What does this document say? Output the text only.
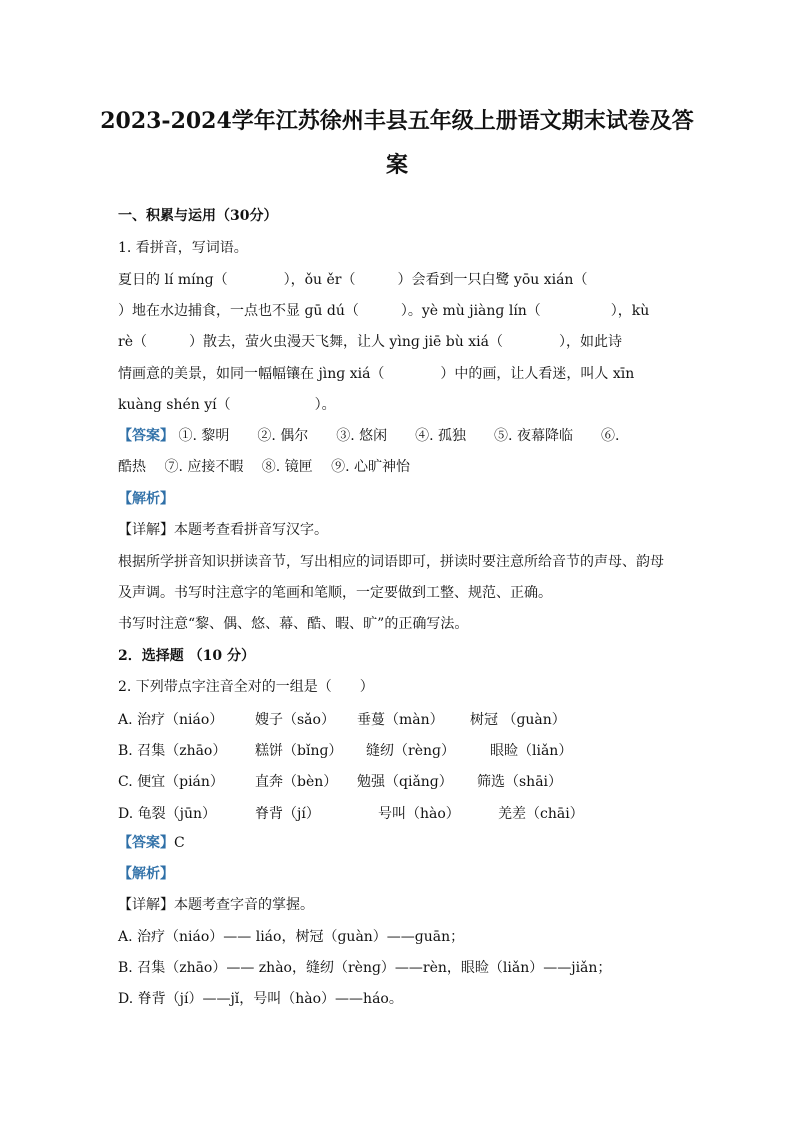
2023-2024学年江苏徐州丰县五年级上册语文期末试卷及答
案
一、积累与运用（30分）
1. 看拼音，写词语。
夏日的 lí mínɡ（　　　　），ǒu ěr（　　　）会看到一只白鹭 yōu xián（
）地在水边捕食，一点也不显 ɡū dú（　　　）。yè mù jiànɡ lín（　　　　　），kù
rè（　　　）散去，萤火虫漫天飞舞，让人 yìnɡ jiē bù xiá（　　　　），如此诗
情画意的美景，如同一幅幅镶在 jìnɡ xiá（　　　　）中的画，让人看迷，叫人 xīn
kuànɡ shén yí（　　　　　　）。
【答案】 ①. 黎明　　②. 偶尔　　③. 悠闲　　④. 孤独　　⑤. 夜幕降临　　⑥.
酷热　 ⑦. 应接不暇　 ⑧. 镜匣　 ⑨. 心旷神怡
【解析】
【详解】本题考查看拼音写汉字。
根据所学拼音知识拼读音节，写出相应的词语即可，拼读时要注意所给音节的声母、韵母
及声调。书写时注意字的笔画和笔顺，一定要做到工整、规范、正确。
书写时注意“黎、偶、悠、幕、酷、暇、旷”的正确写法。
2．选择题 （10 分）
2. 下列带点字注音全对的一组是（　　）
A. 治疗（niáo） 嫂子（sǎo） 垂蔓（màn） 树冠 （ɡuàn）
B. 召集（zhāo） 糕饼（bǐnɡ） 缝纫（rènɡ）	眼睑（liǎn）
C. 便宜（pián） 直奔（bèn） 勉强（qiǎnɡ） 筛选（shāi）
D. 龟裂（jūn）	脊背（jí）	号叫（hào）	羌差（chāi）
【答案】C
【解析】
【详解】本题考查字音的掌握。
A. 治疗（niáo）—— liáo，树冠（ɡuàn）——ɡuān；
B. 召集（zhāo）—— zhào，缝纫（rènɡ）——rèn，眼睑（liǎn）——jiǎn；
D. 脊背（jí）——jǐ，号叫（hào）——háo。
